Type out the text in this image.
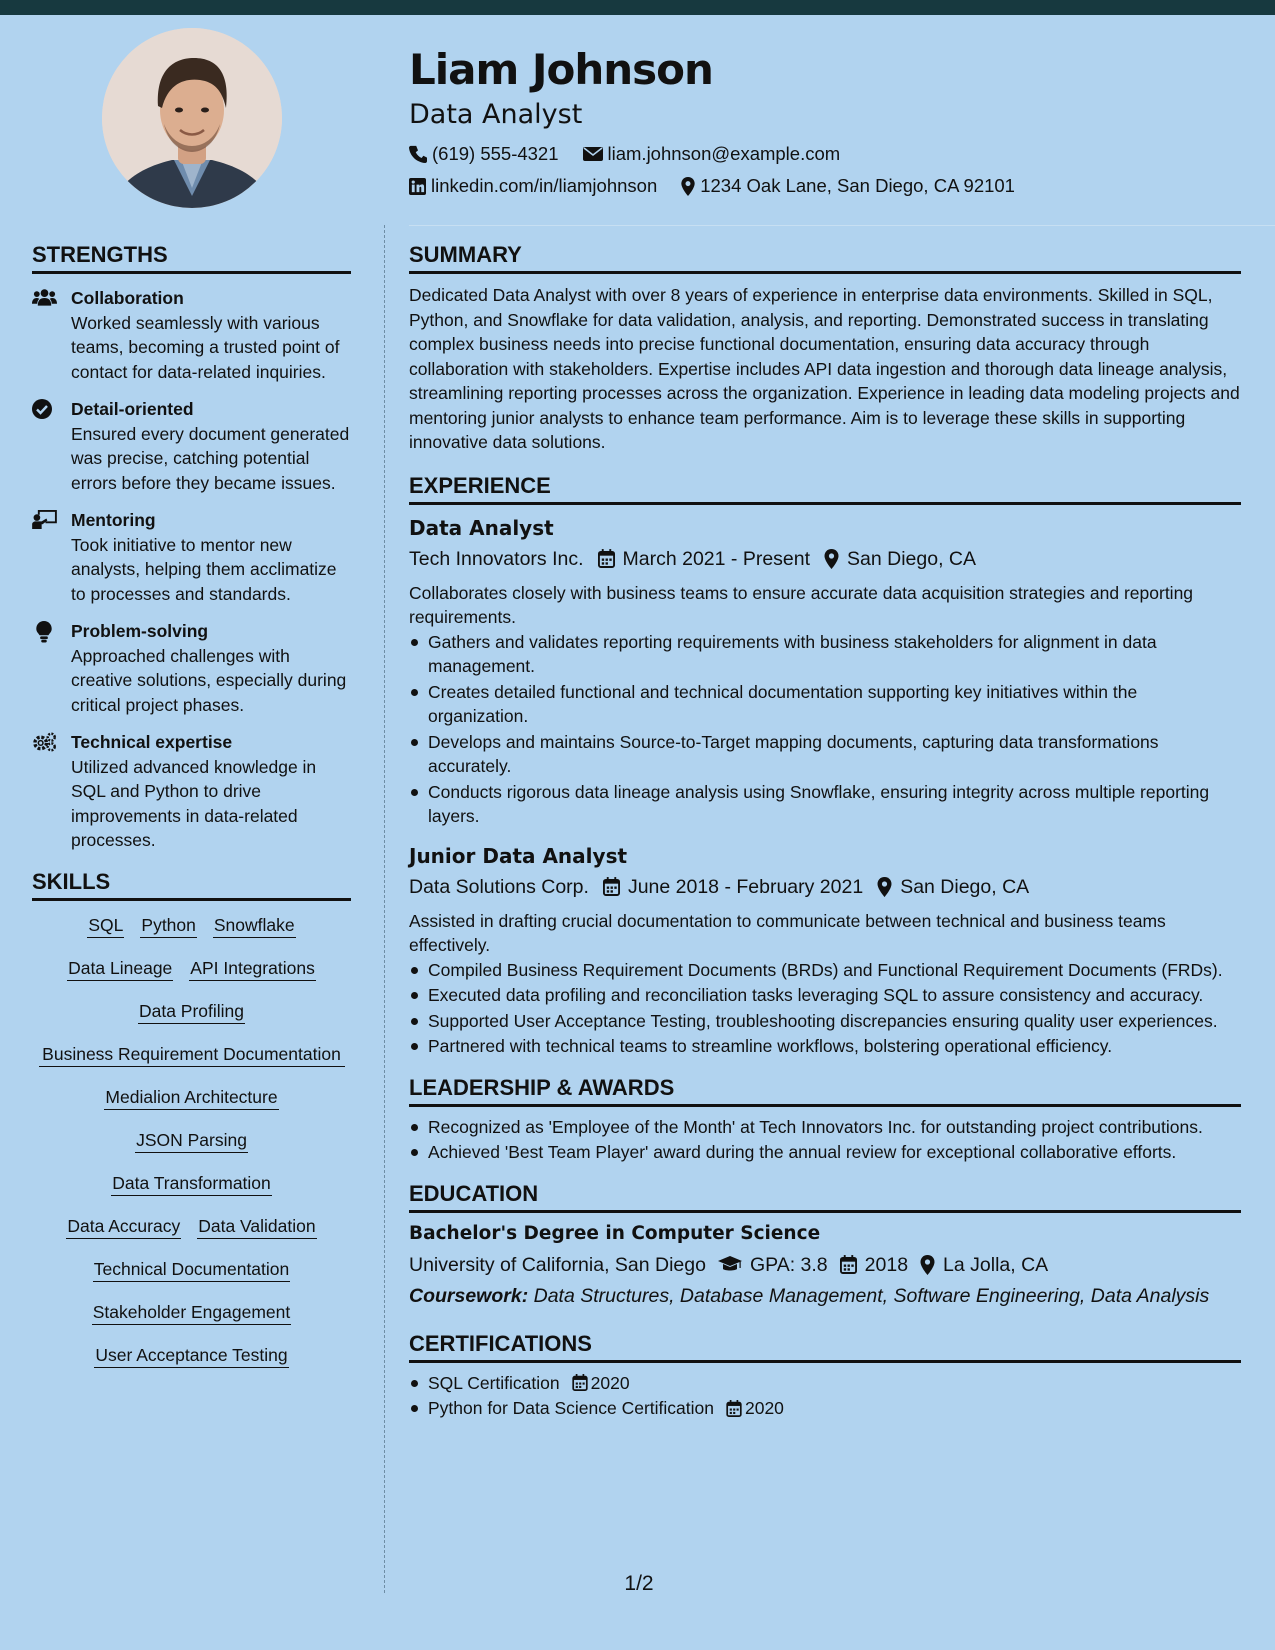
Liam Johnson
Data Analyst
(619) 555-4321	liam.johnson@example.com
linkedin.com/in/liamjohnson 1234 Oak Lane, San Diego, CA 92101
STRENGTHS
Collaboration
Worked seamlessly with various teams, becoming a trusted point of contact for data-related inquiries.
Detail-oriented
Ensured every document generated was precise, catching potential errors before they became issues.
Mentoring
Took initiative to mentor new analysts, helping them acclimatize to processes and standards.
Problem-solving
Approached challenges with creative solutions, especially during critical project phases.
Technical expertise
Utilized advanced knowledge in SQL and Python to drive improvements in data-related processes.
SKILLS
SQL Python Snowflake
Data Lineage API Integrations
Data Profiling
Business Requirement Documentation
Medialion Architecture
JSON Parsing
Data Transformation
Data Accuracy Data Validation
Technical Documentation
Stakeholder Engagement
User Acceptance Testing
SUMMARY
Dedicated Data Analyst with over 8 years of experience in enterprise data environments. Skilled in SQL, Python, and Snowflake for data validation, analysis, and reporting. Demonstrated success in translating complex business needs into precise functional documentation, ensuring data accuracy through collaboration with stakeholders. Expertise includes API data ingestion and thorough data lineage analysis, streamlining reporting processes across the organization. Experience in leading data modeling projects and mentoring junior analysts to enhance team performance. Aim is to leverage these skills in supporting innovative data solutions.
EXPERIENCE
Data Analyst
Tech Innovators Inc. March 2021 - Present San Diego, CA
Collaborates closely with business teams to ensure accurate data acquisition strategies and reporting requirements.
Gathers and validates reporting requirements with business stakeholders for alignment in data management.
Creates detailed functional and technical documentation supporting key initiatives within the organization.
Develops and maintains Source-to-Target mapping documents, capturing data transformations accurately.
Conducts rigorous data lineage analysis using Snowflake, ensuring integrity across multiple reporting layers.
Junior Data Analyst
Data Solutions Corp. June 2018 - February 2021 San Diego, CA
Assisted in drafting crucial documentation to communicate between technical and business teams effectively.
Compiled Business Requirement Documents (BRDs) and Functional Requirement Documents (FRDs).
Executed data profiling and reconciliation tasks leveraging SQL to assure consistency and accuracy.
Supported User Acceptance Testing, troubleshooting discrepancies ensuring quality user experiences.
Partnered with technical teams to streamline workflows, bolstering operational efficiency.
LEADERSHIP & AWARDS
Recognized as 'Employee of the Month' at Tech Innovators Inc. for outstanding project contributions.
Achieved 'Best Team Player' award during the annual review for exceptional collaborative efforts.
EDUCATION
Bachelor's Degree in Computer Science
University of California, San Diego GPA: 3.8 2018 La Jolla, CA
Coursework: Data Structures, Database Management, Software Engineering, Data Analysis
CERTIFICATIONS
SQL Certification 2020
Python for Data Science Certification 2020
1/2
